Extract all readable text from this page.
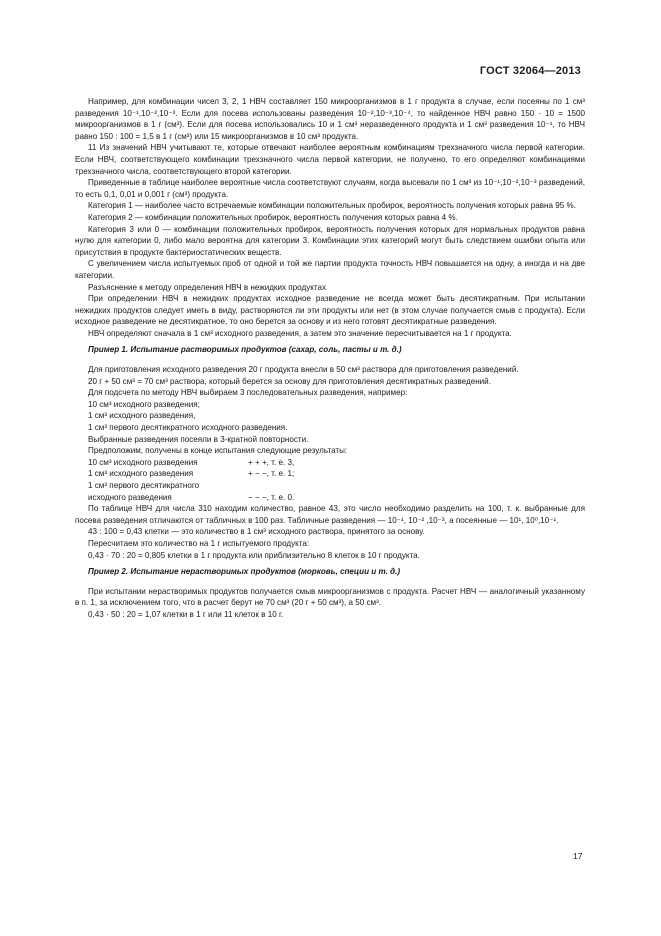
ГОСТ 32064—2013

Например, для комбинации чисел 3, 2, 1 НВЧ составляет 150 микроорганизмов в 1 г продукта в случае, если посеяны по 1 см³ разведения 10⁻¹,10⁻²,10⁻³. Если для посева использованы разведения 10⁻²,10⁻³,10⁻⁴, то найденное НВЧ равно 150 · 10 = 1500 микроорганизмов в 1 г (см³). Если для посева использовались 10 и 1 см³ неразведенного продукта и 1 см³ разведения 10⁻¹, то НВЧ равно 150 : 100 = 1,5 в 1 г (см³) или 15 микроорганизмов в 10 см³ продукта.

11 Из значений НВЧ учитывают те, которые отвечают наиболее вероятным комбинациям трехзначного числа первой категории. Если НВЧ, соответствующего комбинации трехзначного числа первой категории, не получено, то его определяют комбинациями трехзначного числа, соответствующего второй категории.

Приведенные в таблице наиболее вероятные числа соответствуют случаям, когда высевали по 1 см³ из 10⁻¹,10⁻²,10⁻³ разведений, то есть 0,1, 0,01 и 0,001 г (см³) продукта.

Категория 1 — наиболее часто встречаемые комбинации положительных пробирок, вероятность получения которых равна 95 %.

Категория 2 — комбинации положительных пробирок, вероятность получения которых равна 4 %.

Категория 3 или 0 — комбинации положительных пробирок, вероятность получения которых для нормальных продуктов равна нулю для категории 0, либо мало вероятна для категории 3. Комбинации этих категорий могут быть следствием ошибки опыта или присутствия в продукте бактериостатических веществ.

С увеличением числа испытуемых проб от одной и той же партии продукта точность НВЧ повышается на одну, а иногда и на две категории.

Разъяснение к методу определения НВЧ в нежидких продуктах

При определении НВЧ в нежидких продуктах исходное разведение не всегда может быть десятикратным. При испытании нежидких продуктов следует иметь в виду, растворяются ли эти продукты или нет (в этом случае получается смыв с продукта). Если исходное разведение не десятикратное, то оно берется за основу и из него готовят десятикратные разведения.

НВЧ определяют сначала в 1 см³ исходного разведения, а затем это значение пересчитывается на 1 г продукта.

Пример 1. Испытание растворимых продуктов (сахар, соль, пасты и т. д.)

Для приготовления исходного разведения 20 г продукта внесли в 50 см³ раствора для приготовления разведений.

20 г + 50 см³ = 70 см³ раствора, который берется за основу для приготовления десятикратных разведений.

Для подсчета по методу НВЧ выбираем 3 последовательных разведения, например:

10 см³ исходного разведения;

1 см³ исходного разведения,

1 см³ первого десятикратного исходного разведения.

Выбранные разведения посеяли в 3-кратной повторности.

Предположим, получены в конце испытания следующие результаты:

10 см³ исходного разведения	+ + +, т. е. 3,
1 см³ исходного разведения	+ − −, т. е. 1;
1 см³ первого десятикратного
исходного разведения	− − −, т. е. 0.

По таблице НВЧ для числа 310 находим количество, равное 43, это число необходимо разделить на 100, т. к. выбранные для посева разведения отличаются от табличных в 100 раз. Табличные разведения — 10⁻¹, 10⁻² ,10⁻³, а посеянные — 10¹, 10⁰,10⁻¹.

43 : 100 = 0,43 клетки — это количество в 1 см³ исходного раствора, принятого за основу.

Пересчитаем это количество на 1 г испытуемого продукта:

0,43 · 70 : 20 = 0,805 клетки в 1 г продукта или приблизительно 8 клеток в 10 г продукта.

Пример 2. Испытание нерастворимых продуктов (морковь, специи и т. д.)

При испытании нерастворимых продуктов получается смыв микроорганизмов с продукта. Расчет НВЧ — аналогичный указанному в п. 1, за исключением того, что в расчет берут не 70 см³ (20 г + 50 см³), а 50 см³.

0,43 · 50 : 20 = 1,07 клетки в 1 г или 11 клеток в 10 г.

17
